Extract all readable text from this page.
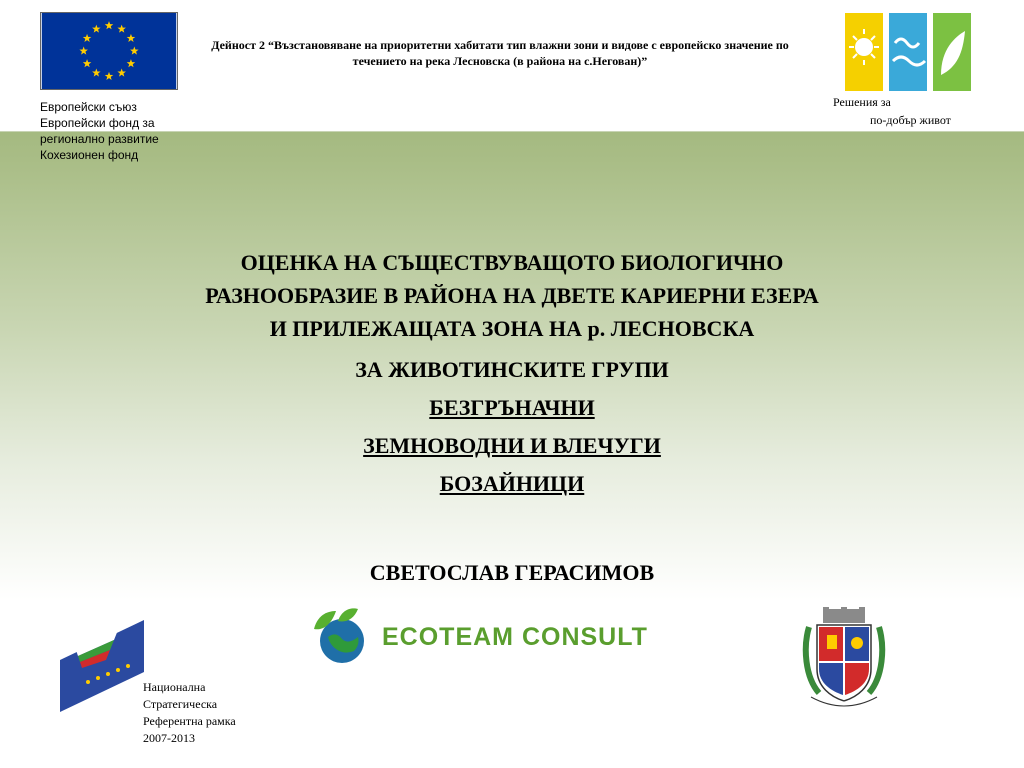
Европейски съюз
Европейски фонд за
регионално развитие
Кохезионен фонд
Дейност 2 “Възстановяване на приоритетни хабитати тип влажни зони и видове с европейско значение по течението на река Лесновска (в района на с.Негован)”
Решения за
по-добър живот

ОЦЕНКА НА СЪЩЕСТВУВАЩОТО БИОЛОГИЧНО

РАЗНООБРАЗИЕ В РАЙОНА НА ДВЕТЕ КАРИЕРНИ ЕЗЕРА

И ПРИЛЕЖАЩАТА ЗОНА НА р. ЛЕСНОВСКА

ЗА ЖИВОТИНСКИТЕ ГРУПИ

БЕЗГРЪНАЧНИ

ЗЕМНОВОДНИ И ВЛЕЧУГИ

БОЗАЙНИЦИ

СВЕТОСЛАВ ГЕРАСИМОВ
Национална
Стратегическа
Референтна рамка
2007-2013
ECOTEAM CONSULT
